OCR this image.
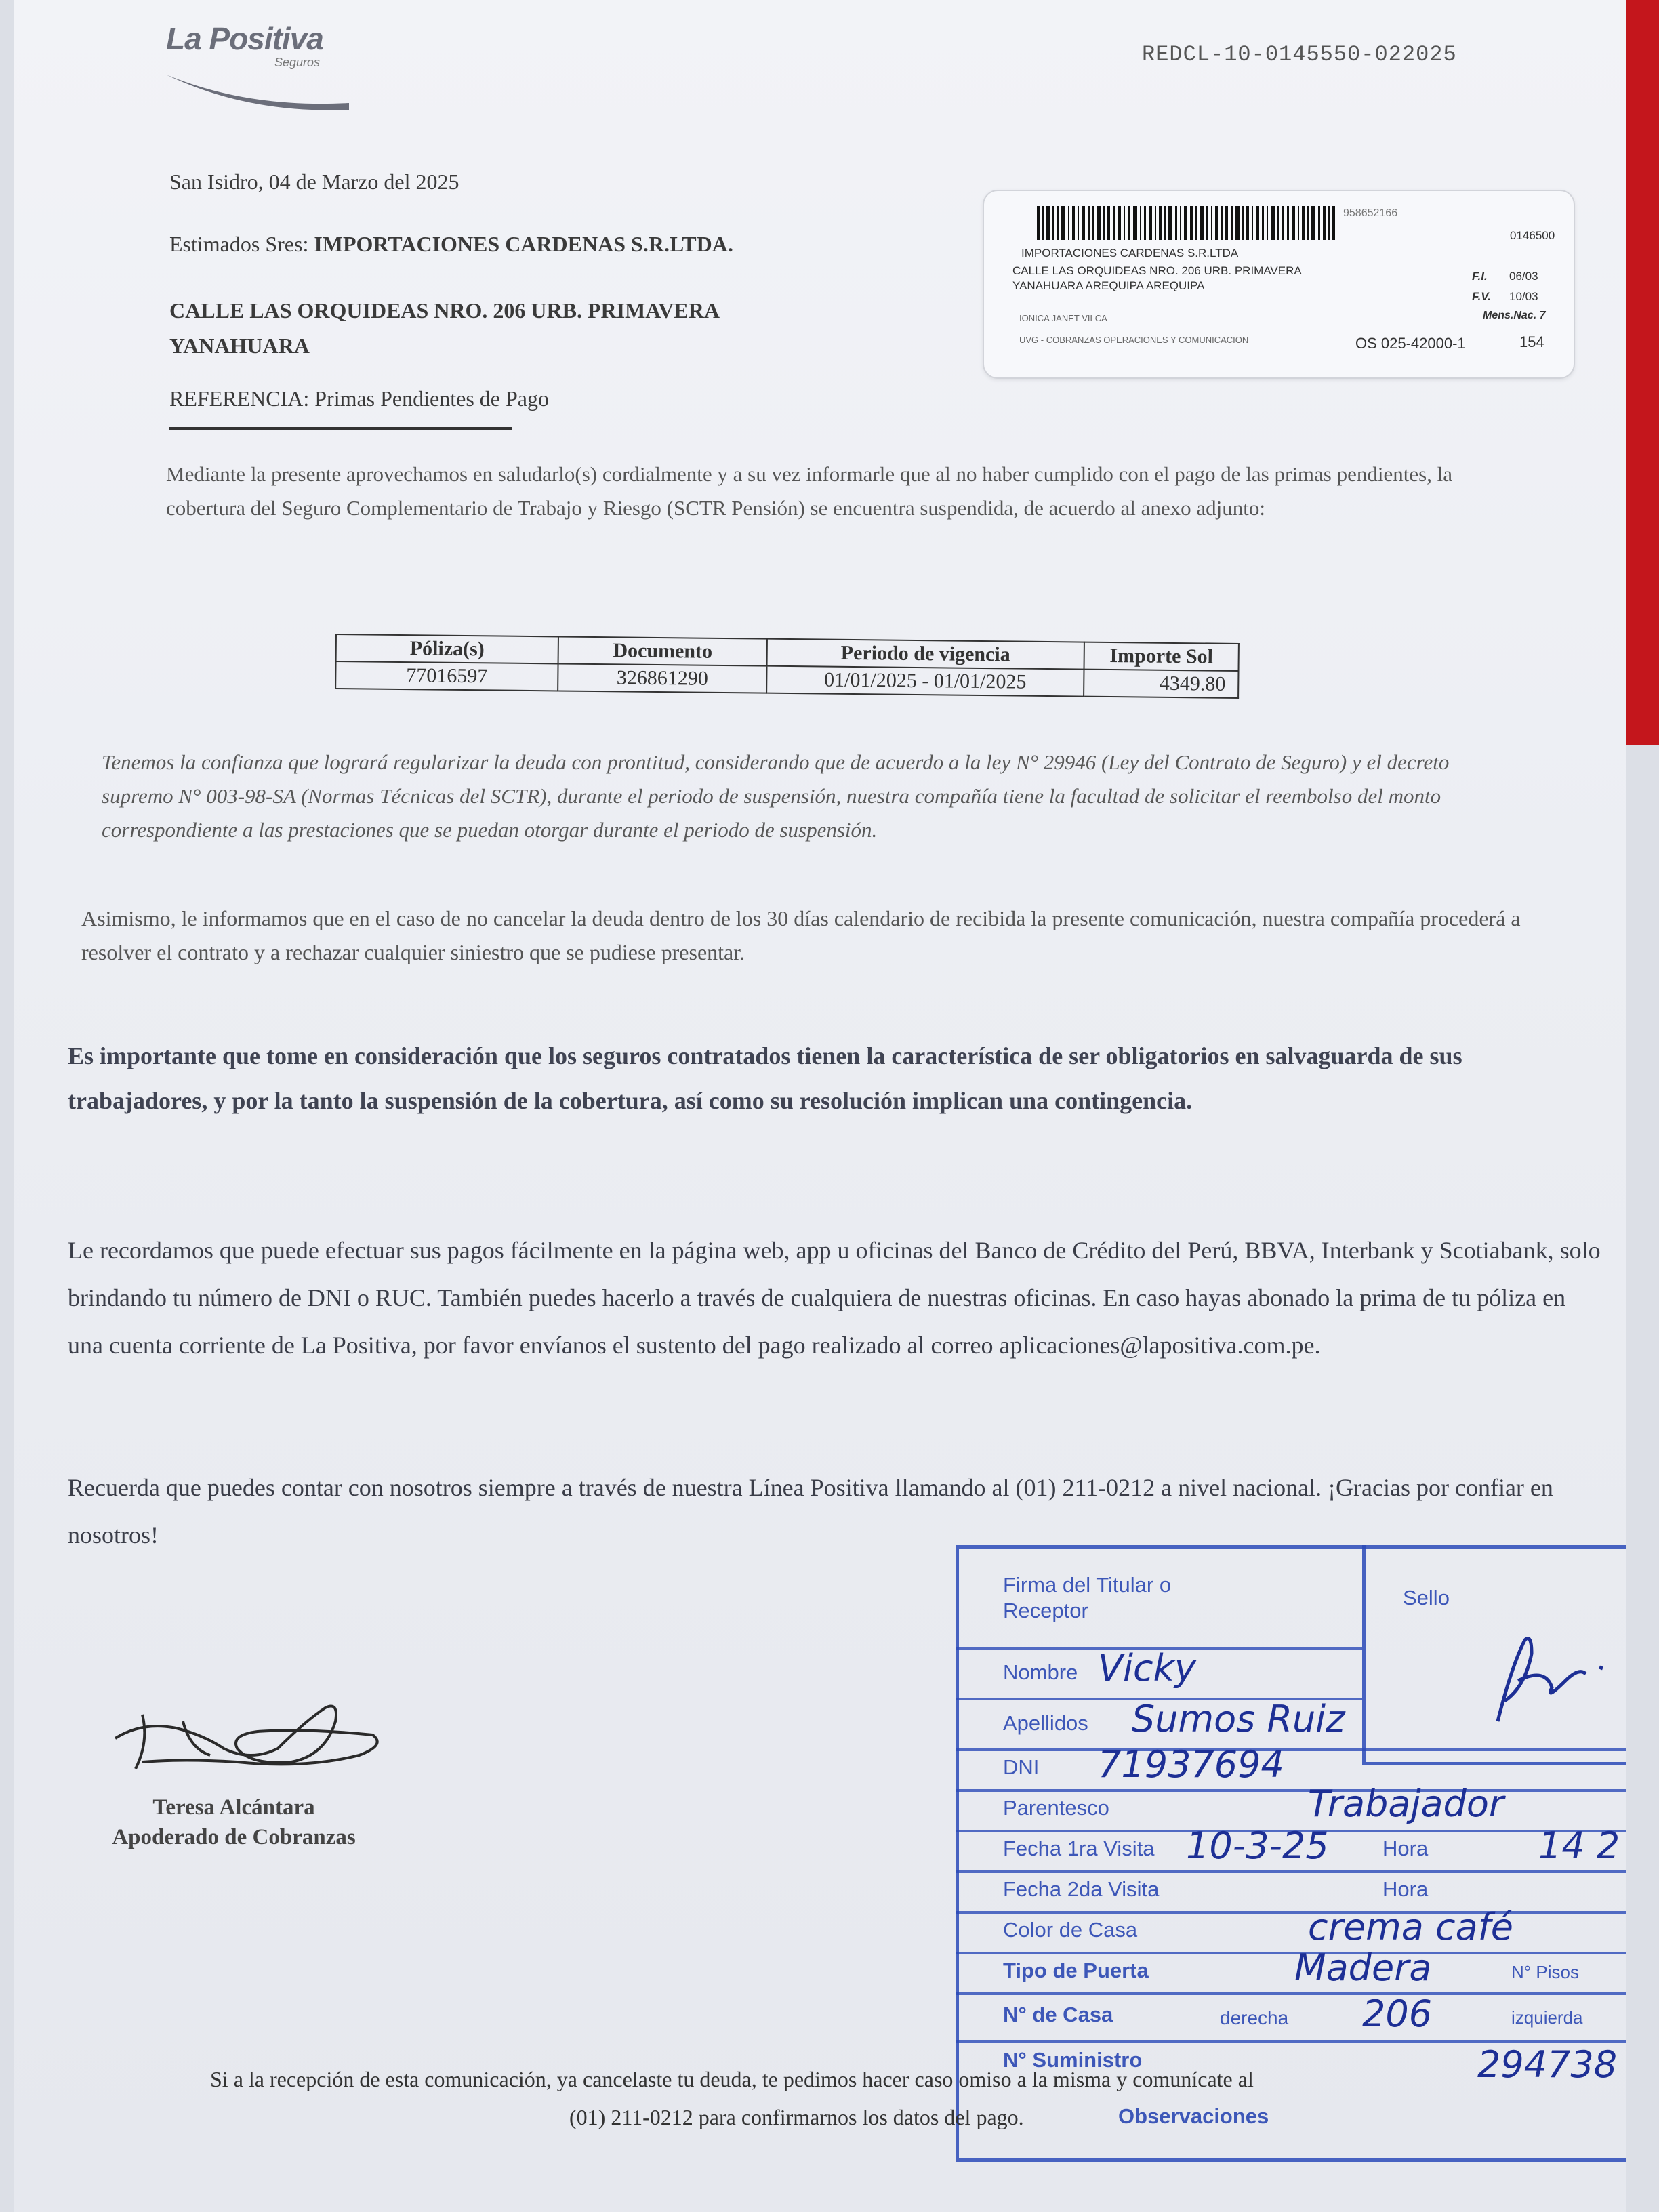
La Positiva
Seguros	REDCL-10-0145550-022025
San Isidro, 04 de Marzo del 2025
Estimados Sres: IMPORTACIONES CARDENAS S.R.LTDA.
CALLE LAS ORQUIDEAS NRO. 206 URB. PRIMAVERA
YANAHUARA
REFERENCIA: Primas Pendientes de Pago
958652166
0146500
IMPORTACIONES CARDENAS S.R.LTDA
CALLE LAS ORQUIDEAS NRO. 206 URB. PRIMAVERA
YANAHUARA AREQUIPA AREQUIPA
IONICA JANET VILCA
UVG - COBRANZAS OPERACIONES Y COMUNICACION
F.I. 06/03
F.V. 10/03
Mens.Nac. 7
OS 025-42000-1	154
Mediante la presente aprovechamos en saludarlo(s) cordialmente y a su vez informarle que al no haber cumplido con el pago de las primas pendientes, la cobertura del Seguro Complementario de Trabajo y Riesgo (SCTR Pensión) se encuentra suspendida, de acuerdo al anexo adjunto:
Póliza(s)	Documento	Periodo de vigencia	Importe Sol
77016597	326861290	01/01/2025 - 01/01/2025	4349.80
Tenemos la confianza que logrará regularizar la deuda con prontitud, considerando que de acuerdo a la ley N° 29946 (Ley del Contrato de Seguro) y el decreto supremo N° 003-98-SA (Normas Técnicas del SCTR), durante el periodo de suspensión, nuestra compañía tiene la facultad de solicitar el reembolso del monto correspondiente a las prestaciones que se puedan otorgar durante el periodo de suspensión.
Asimismo, le informamos que en el caso de no cancelar la deuda dentro de los 30 días calendario de recibida la presente comunicación, nuestra compañía procederá a resolver el contrato y a rechazar cualquier siniestro que se pudiese presentar.
Es importante que tome en consideración que los seguros contratados tienen la característica de ser obligatorios en salvaguarda de sus trabajadores, y por la tanto la suspensión de la cobertura, así como su resolución implican una contingencia.
Le recordamos que puede efectuar sus pagos fácilmente en la página web, app u oficinas del Banco de Crédito del Perú, BBVA, Interbank y Scotiabank, solo brindando tu número de DNI o RUC. También puedes hacerlo a través de cualquiera de nuestras oficinas. En caso hayas abonado la prima de tu póliza en una cuenta corriente de La Positiva, por favor envíanos el sustento del pago realizado al correo aplicaciones@lapositiva.com.pe.
Recuerda que puedes contar con nosotros siempre a través de nuestra Línea Positiva llamando al (01) 211-0212 a nivel nacional. ¡Gracias por confiar en nosotros!
Teresa Alcántara
Apoderado de Cobranzas
Firma del Titular o Receptor
Sello
Nombre Vicky
Apellidos Sumos Ruiz
DNI 71937694
Parentesco	Trabajador
Fecha 1ra Visita 10-3-25	Hora	14 2
Fecha 2da Visita	Hora
Color de Casa	crema café
Tipo de Puerta	Madera	N° Pisos
N° de Casa	derecha 206	izquierda
N° Suministro	294738
Observaciones
Si a la recepción de esta comunicación, ya cancelaste tu deuda, te pedimos hacer caso omiso a la misma y comunícate al
(01) 211-0212 para confirmarnos los datos del pago.
